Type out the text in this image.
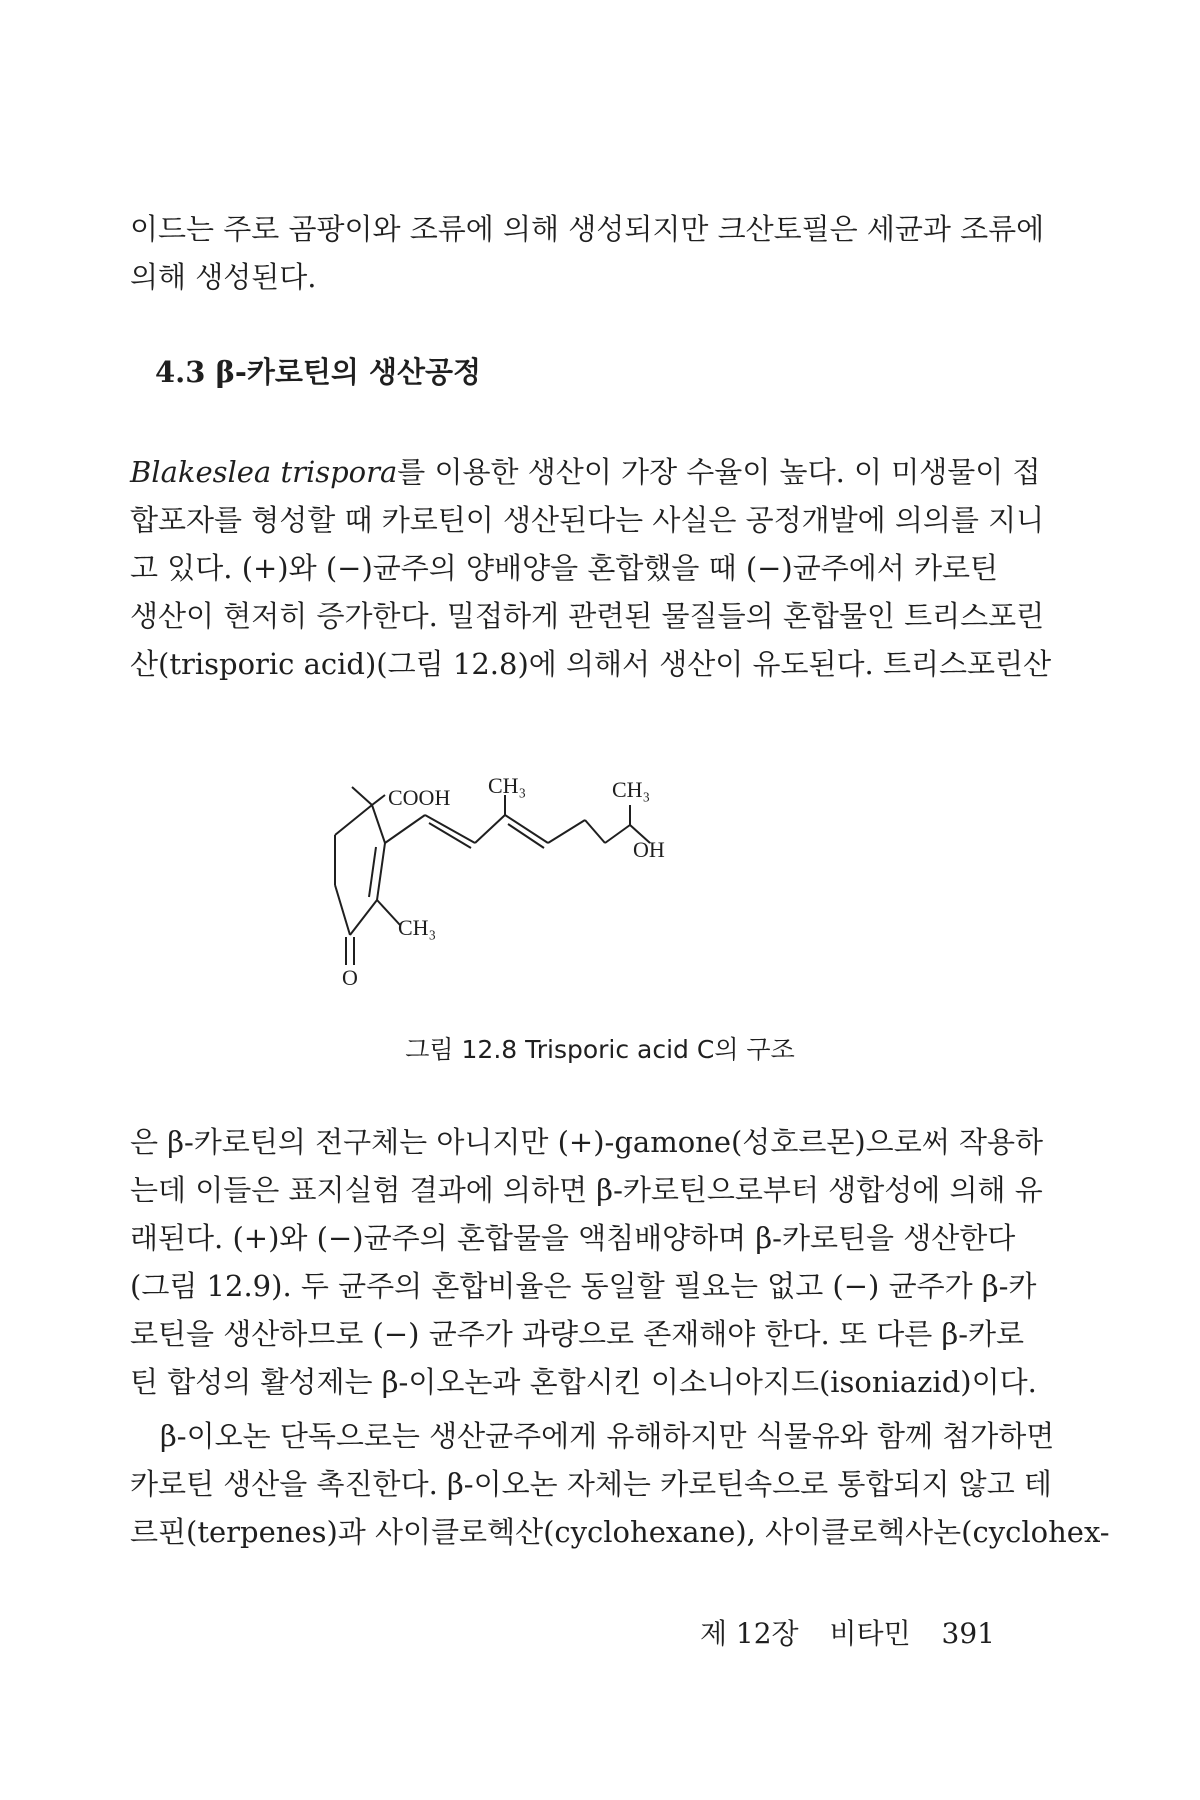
이드는 주로 곰팡이와 조류에 의해 생성되지만 크산토필은 세균과 조류에
의해 생성된다.

4.3 β-카로틴의 생산공정

Blakeslea trispora를 이용한 생산이 가장 수율이 높다. 이 미생물이 접
합포자를 형성할 때 카로틴이 생산된다는 사실은 공정개발에 의의를 지니
고 있다. (+)와 (−)균주의 양배양을 혼합했을 때 (−)균주에서 카로틴
생산이 현저히 증가한다. 밀접하게 관련된 물질들의 혼합물인 트리스포린
산(trisporic acid)(그림 12.8)에 의해서 생산이 유도된다. 트리스포린산

COOH CH₃	CH₃
OH
CH₃
O
그림 12.8 Trisporic acid C의 구조

은 β-카로틴의 전구체는 아니지만 (+)-gamone(성호르몬)으로써 작용하
는데 이들은 표지실험 결과에 의하면 β-카로틴으로부터 생합성에 의해 유
래된다. (+)와 (−)균주의 혼합물을 액침배양하며 β-카로틴을 생산한다
(그림 12.9). 두 균주의 혼합비율은 동일할 필요는 없고 (−) 균주가 β-카
로틴을 생산하므로 (−) 균주가 과량으로 존재해야 한다. 또 다른 β-카로
틴 합성의 활성제는 β-이오논과 혼합시킨 이소니아지드(isoniazid)이다.

β-이오논 단독으로는 생산균주에게 유해하지만 식물유와 함께 첨가하면

카로틴 생산을 촉진한다. β-이오논 자체는 카로틴속으로 통합되지 않고 테
르핀(terpenes)과 사이클로헥산(cyclohexane), 사이클로헥사논(cyclohex-

제 12장 비타민 391
